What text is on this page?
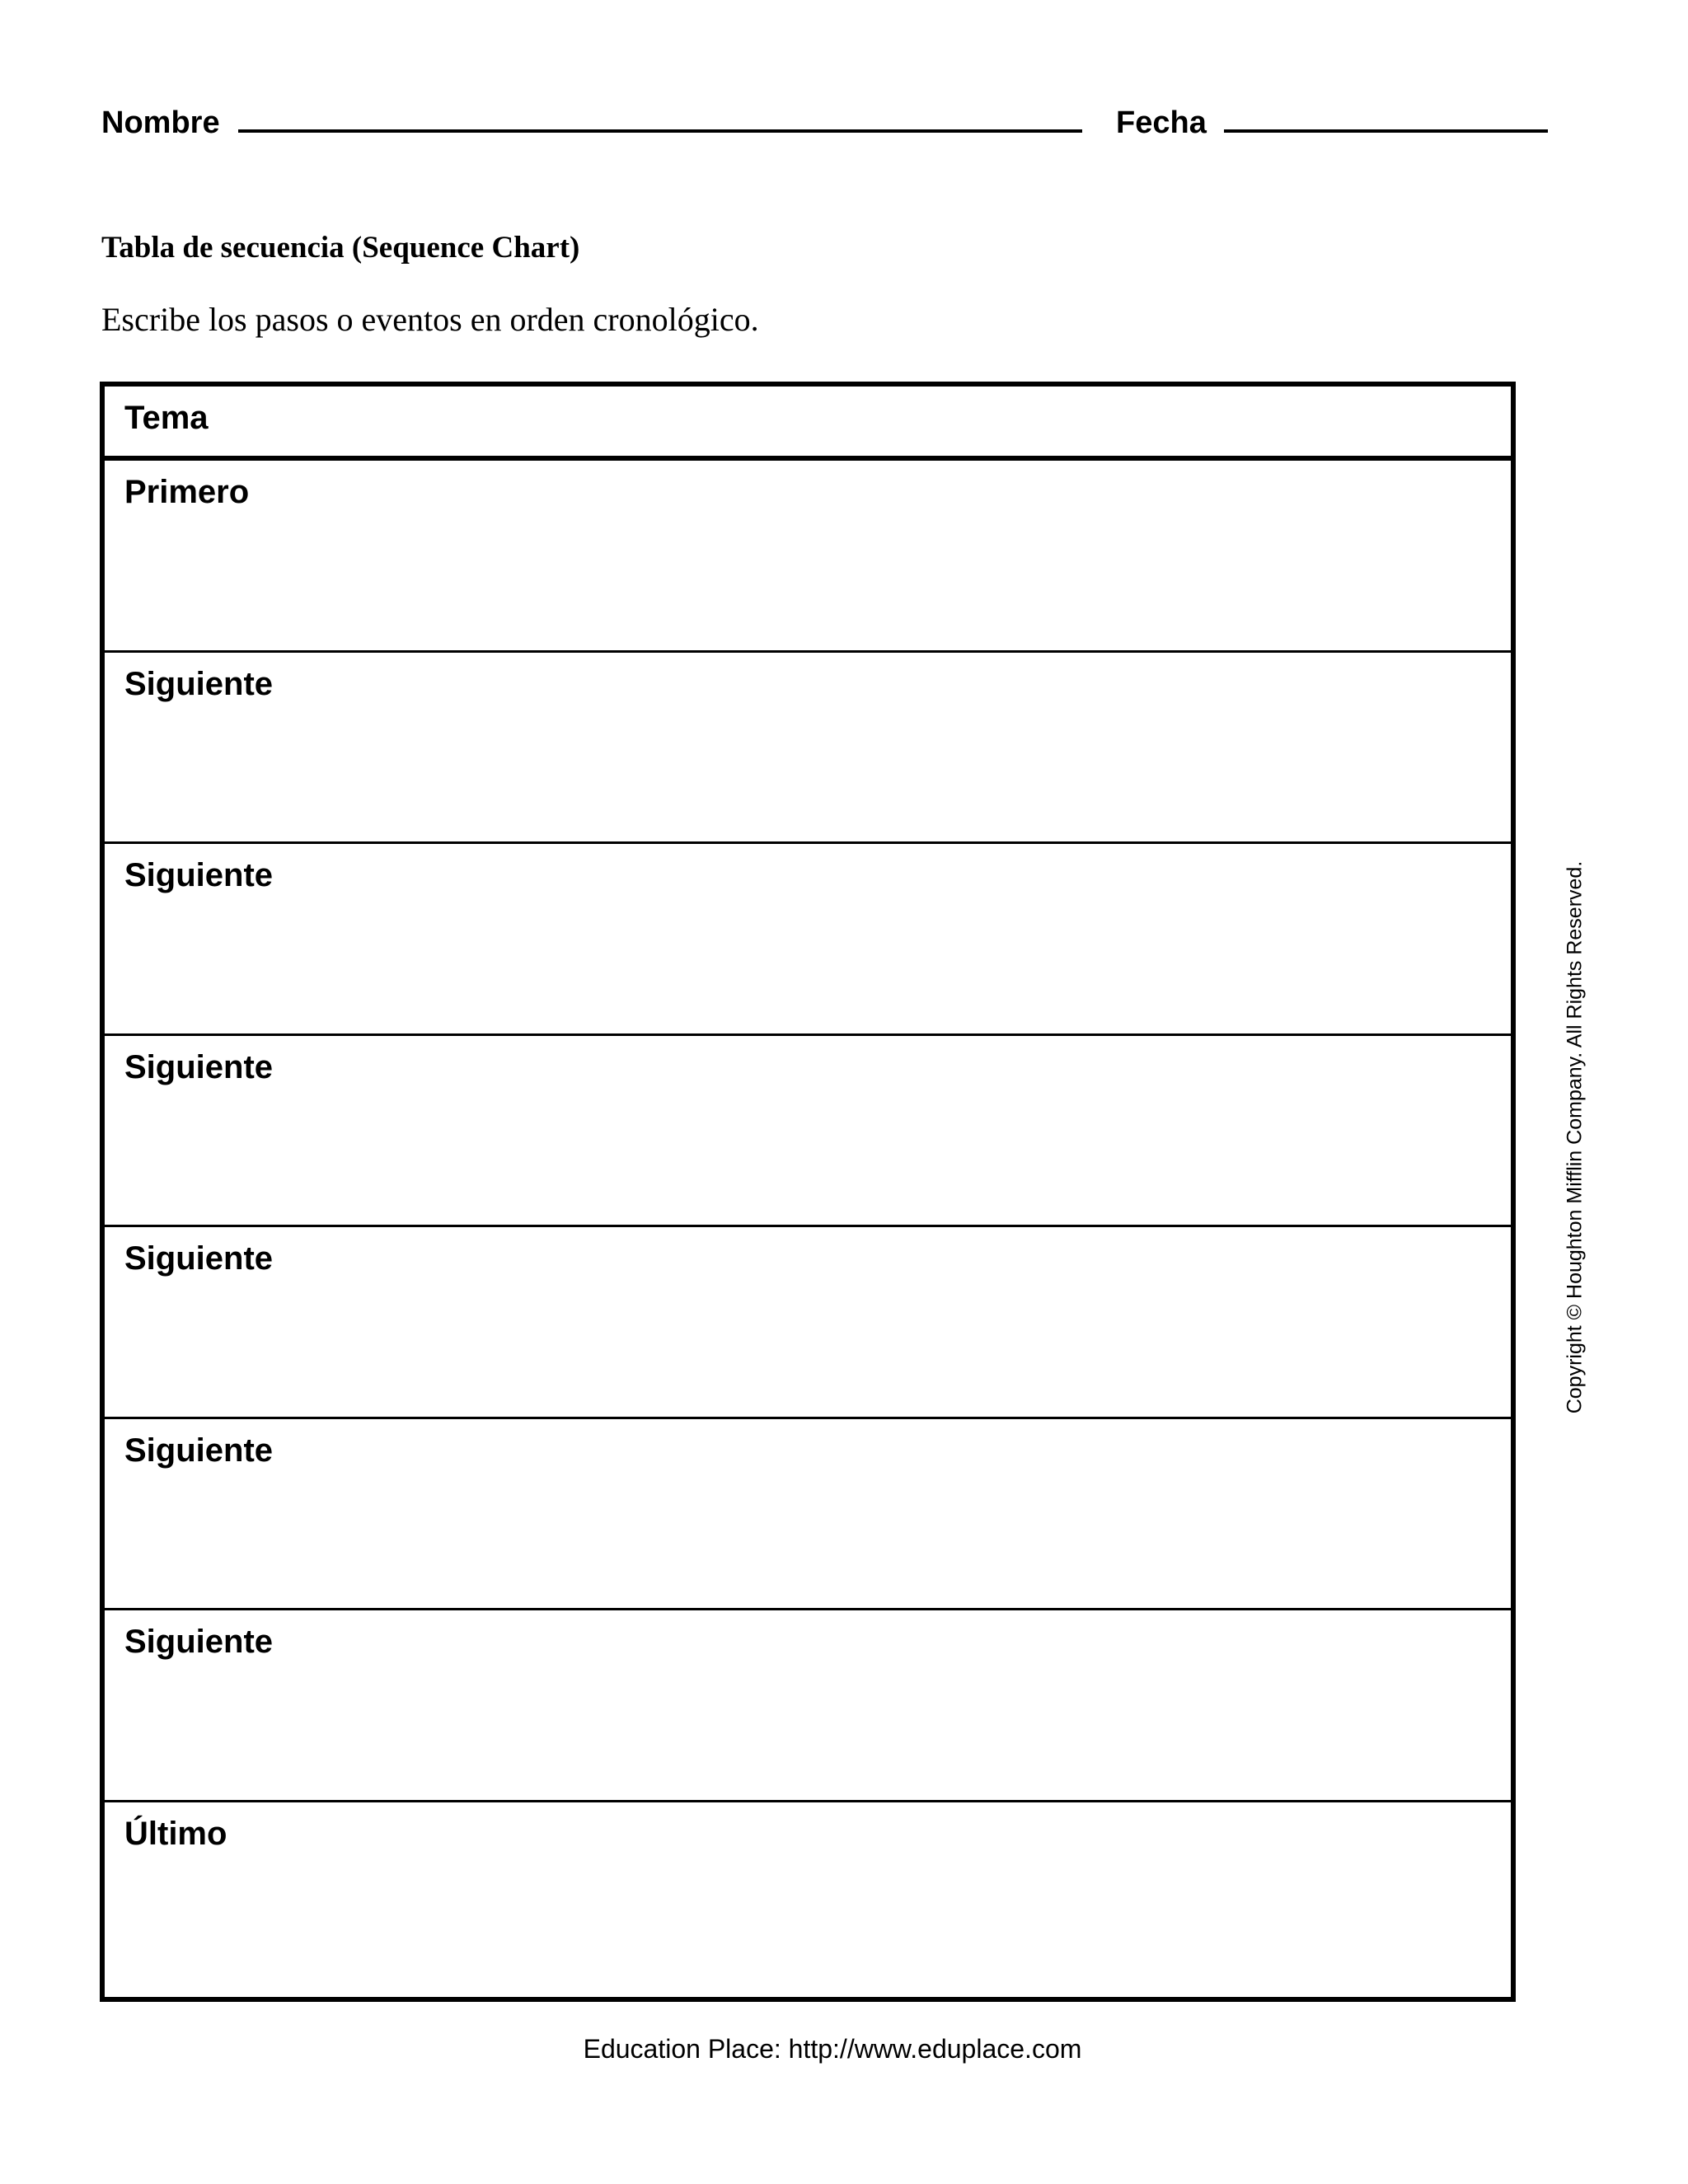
Nombre	Fecha
Tabla de secuencia (Sequence Chart)
Escribe los pasos o eventos en orden cronológico.
Tema
Primero
Siguiente
Siguiente
Siguiente
Siguiente
Siguiente
Siguiente
Último
Copyright © Houghton Mifflin Company. All Rights Reserved.
Education Place: http://www.eduplace.com
